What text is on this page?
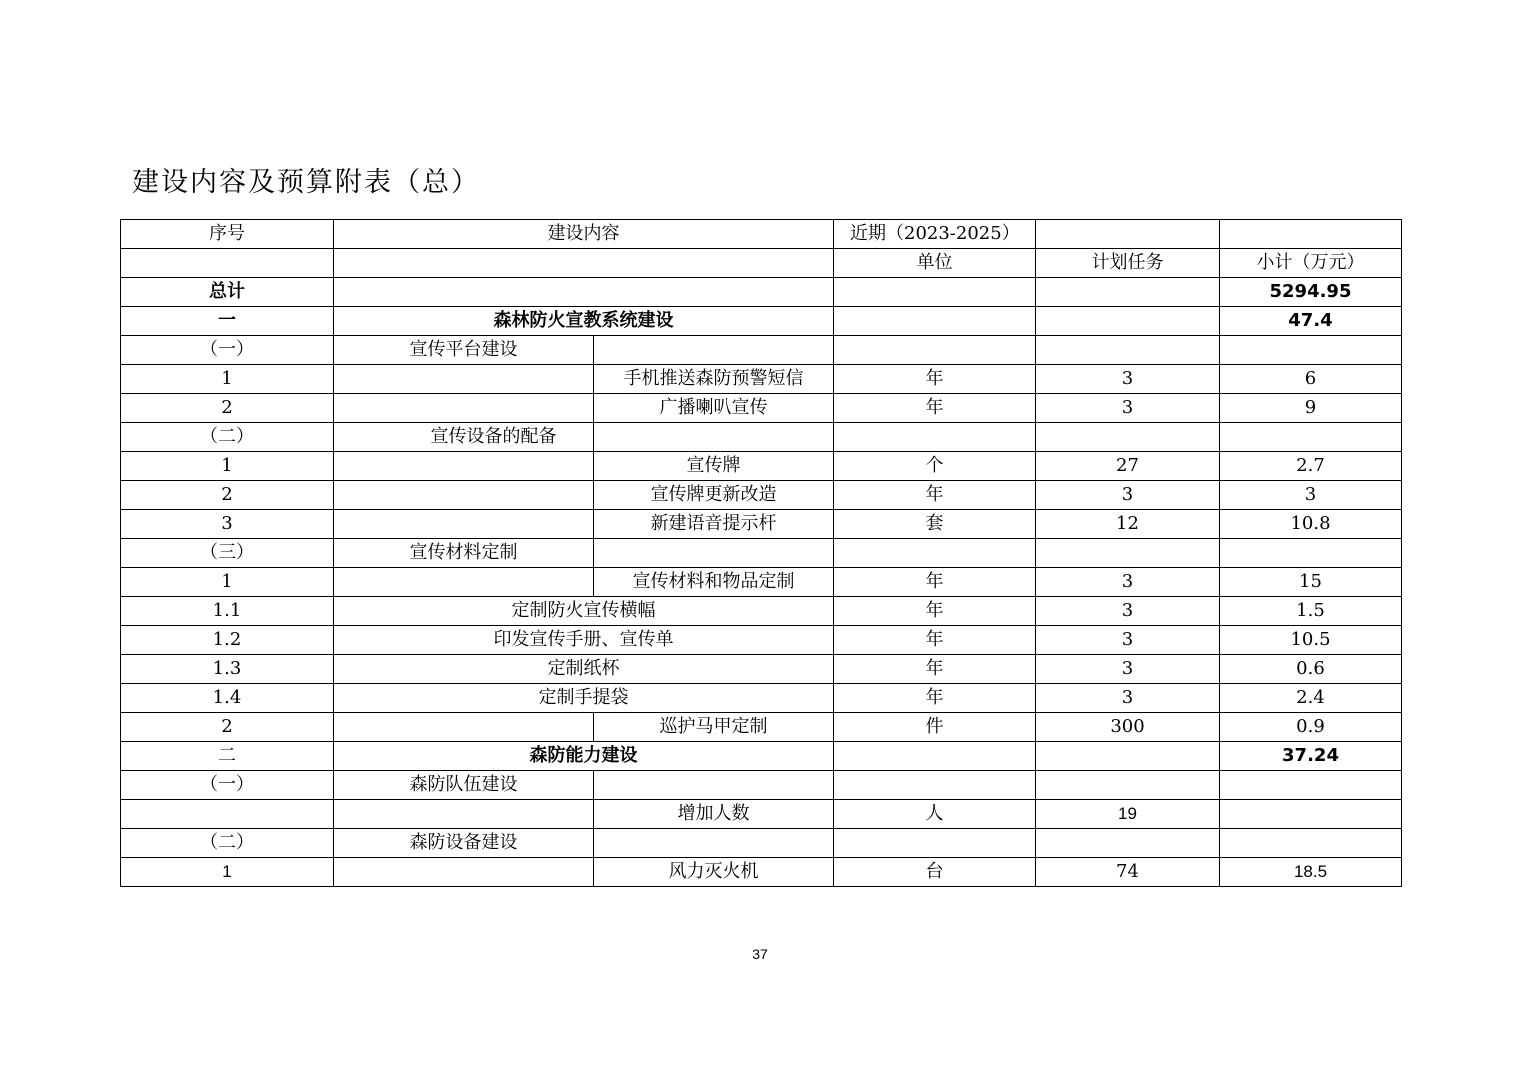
建设内容及预算附表（总）
序号	建设内容		近期（2023-2025）		
			单位	计划任务	小计（万元）
总计					5294.95
一	森林防火宣教系统建设				47.4
（一）	宣传平台建设				
1		手机推送森防预警短信	年	3	6
2		广播喇叭宣传	年	3	9
（二）	宣传设备的配备				
1		宣传牌	个	27	2.7
2		宣传牌更新改造	年	3	3
3		新建语音提示杆	套	12	10.8
（三）	宣传材料定制				
1		宣传材料和物品定制	年	3	15
1.1	定制防火宣传横幅		年	3	1.5
1.2	印发宣传手册、宣传单		年	3	10.5
1.3	定制纸杯		年	3	0.6
1.4	定制手提袋		年	3	2.4
2		巡护马甲定制	件	300	0.9
二	森防能力建设				37.24
（一）	森防队伍建设				
		增加人数	人	19	
（二）	森防设备建设				
1		风力灭火机	台	74	18.5
37
